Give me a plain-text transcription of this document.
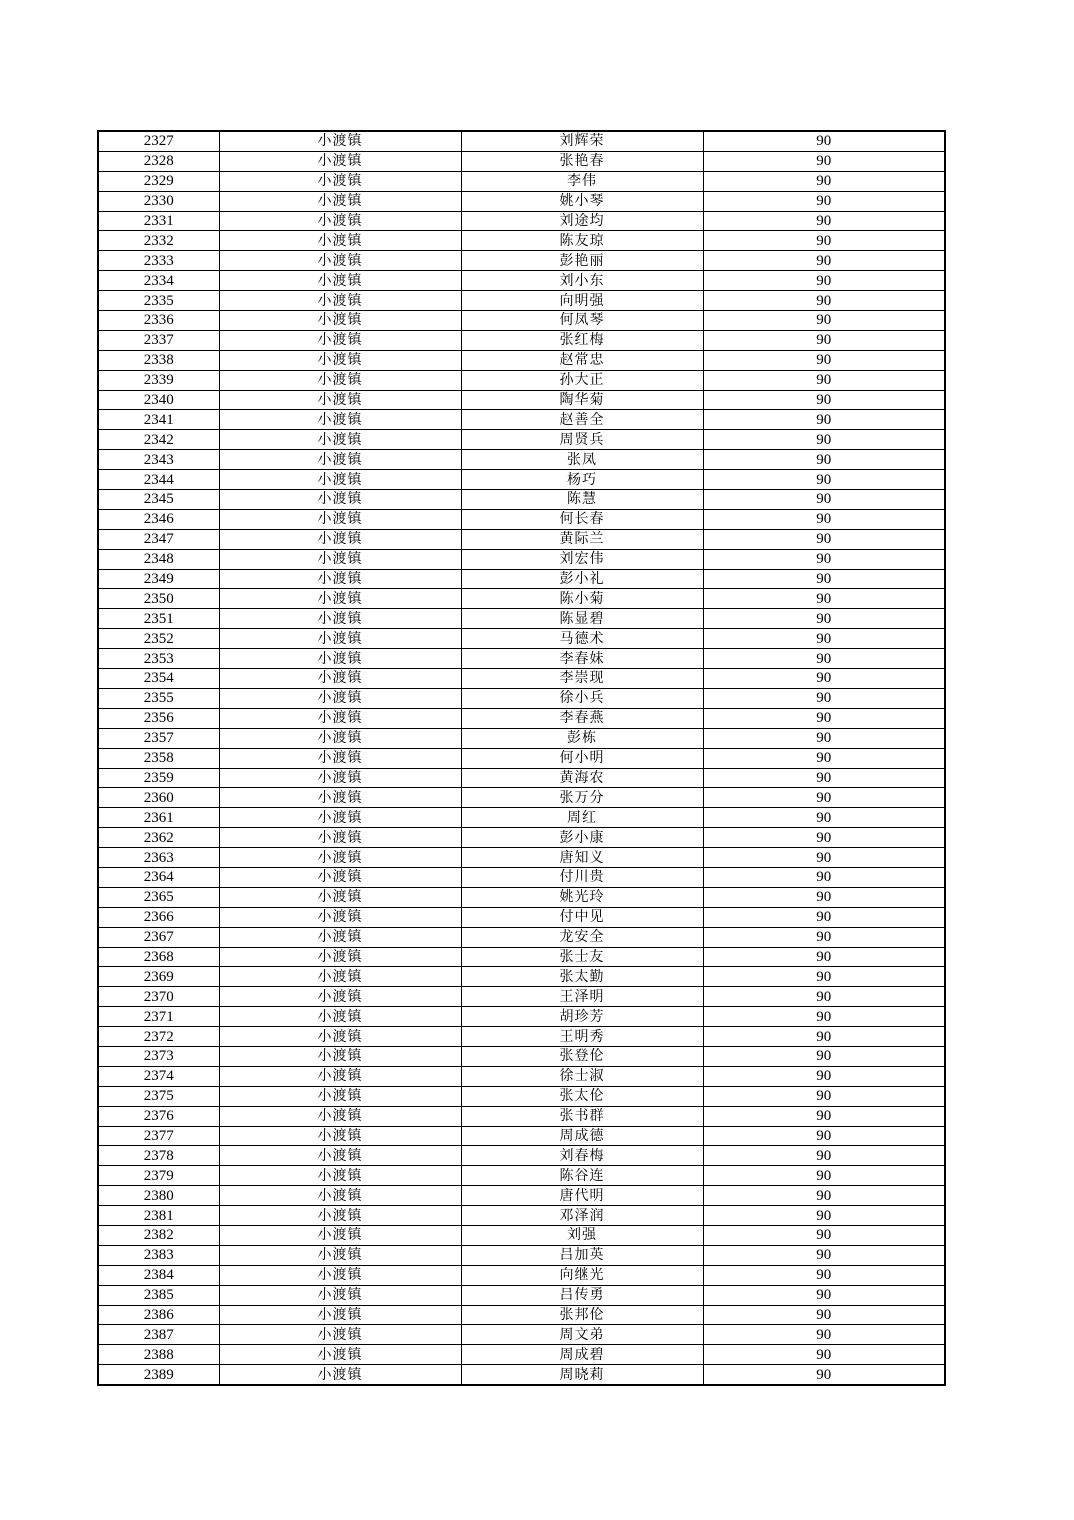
2327	小渡镇	刘辉荣	90
2328	小渡镇	张艳春	90
2329	小渡镇	李伟	90
2330	小渡镇	姚小琴	90
2331	小渡镇	刘途均	90
2332	小渡镇	陈友琼	90
2333	小渡镇	彭艳丽	90
2334	小渡镇	刘小东	90
2335	小渡镇	向明强	90
2336	小渡镇	何凤琴	90
2337	小渡镇	张红梅	90
2338	小渡镇	赵常忠	90
2339	小渡镇	孙大正	90
2340	小渡镇	陶华菊	90
2341	小渡镇	赵善全	90
2342	小渡镇	周贤兵	90
2343	小渡镇	张凤	90
2344	小渡镇	杨巧	90
2345	小渡镇	陈慧	90
2346	小渡镇	何长春	90
2347	小渡镇	黄际兰	90
2348	小渡镇	刘宏伟	90
2349	小渡镇	彭小礼	90
2350	小渡镇	陈小菊	90
2351	小渡镇	陈显碧	90
2352	小渡镇	马德术	90
2353	小渡镇	李春妹	90
2354	小渡镇	李崇现	90
2355	小渡镇	徐小兵	90
2356	小渡镇	李春燕	90
2357	小渡镇	彭栋	90
2358	小渡镇	何小明	90
2359	小渡镇	黄海农	90
2360	小渡镇	张万分	90
2361	小渡镇	周红	90
2362	小渡镇	彭小康	90
2363	小渡镇	唐知义	90
2364	小渡镇	付川贵	90
2365	小渡镇	姚光玲	90
2366	小渡镇	付中见	90
2367	小渡镇	龙安全	90
2368	小渡镇	张士友	90
2369	小渡镇	张太勤	90
2370	小渡镇	王泽明	90
2371	小渡镇	胡珍芳	90
2372	小渡镇	王明秀	90
2373	小渡镇	张登伦	90
2374	小渡镇	徐士淑	90
2375	小渡镇	张太伦	90
2376	小渡镇	张书群	90
2377	小渡镇	周成德	90
2378	小渡镇	刘春梅	90
2379	小渡镇	陈谷连	90
2380	小渡镇	唐代明	90
2381	小渡镇	邓泽润	90
2382	小渡镇	刘强	90
2383	小渡镇	吕加英	90
2384	小渡镇	向继光	90
2385	小渡镇	吕传勇	90
2386	小渡镇	张邦伦	90
2387	小渡镇	周文弟	90
2388	小渡镇	周成碧	90
2389	小渡镇	周晓莉	90
